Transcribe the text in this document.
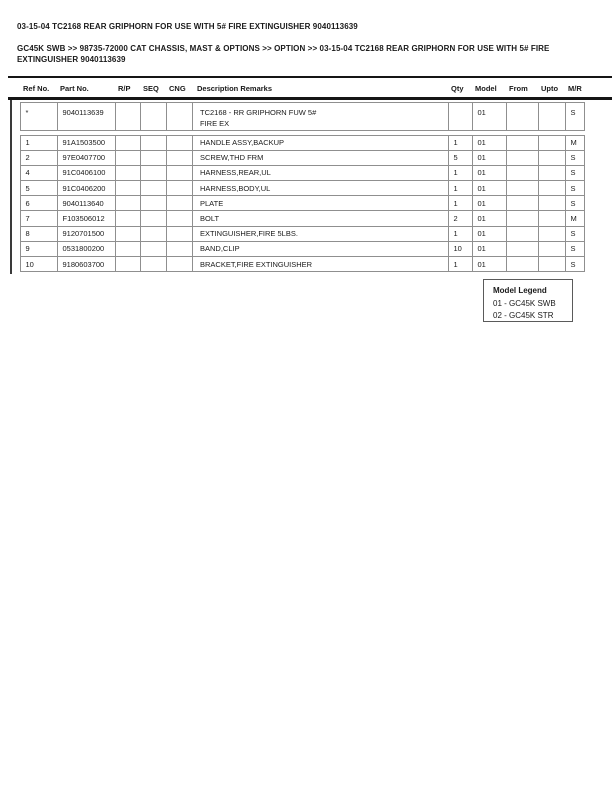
03-15-04 TC2168 REAR GRIPHORN FOR USE WITH 5# FIRE EXTINGUISHER 9040113639
GC45K SWB >> 98735-72000 CAT CHASSIS, MAST & OPTIONS >> OPTION >> 03-15-04 TC2168 REAR GRIPHORN FOR USE WITH 5# FIRE EXTINGUISHER 9040113639
Ref No.	Part No.	R/P	SEQ	CNG	Description Remarks	Qty	Model	From	Upto	M/R
*	9040113639	TC2168 - RR GRIPHORN FUW 5#
FIRE EX
01	S
1	91A1503500	HANDLE ASSY,BACKUP	1	01	M
2	97E0407700	SCREW,THD FRM	5	01	S
4	91C0406100	HARNESS,REAR,UL	1	01	S
5	91C0406200	HARNESS,BODY,UL	1	01	S
6	9040113640	PLATE	1	01	S
7	F103506012	BOLT	2	01	M
8	9120701500	EXTINGUISHER,FIRE 5LBS.	1	01	S
9	0531800200	BAND,CLIP	10	01	S
10	9180603700	BRACKET,FIRE EXTINGUISHER	1	01	S
Model Legend
01 - GC45K SWB
02 - GC45K STR
